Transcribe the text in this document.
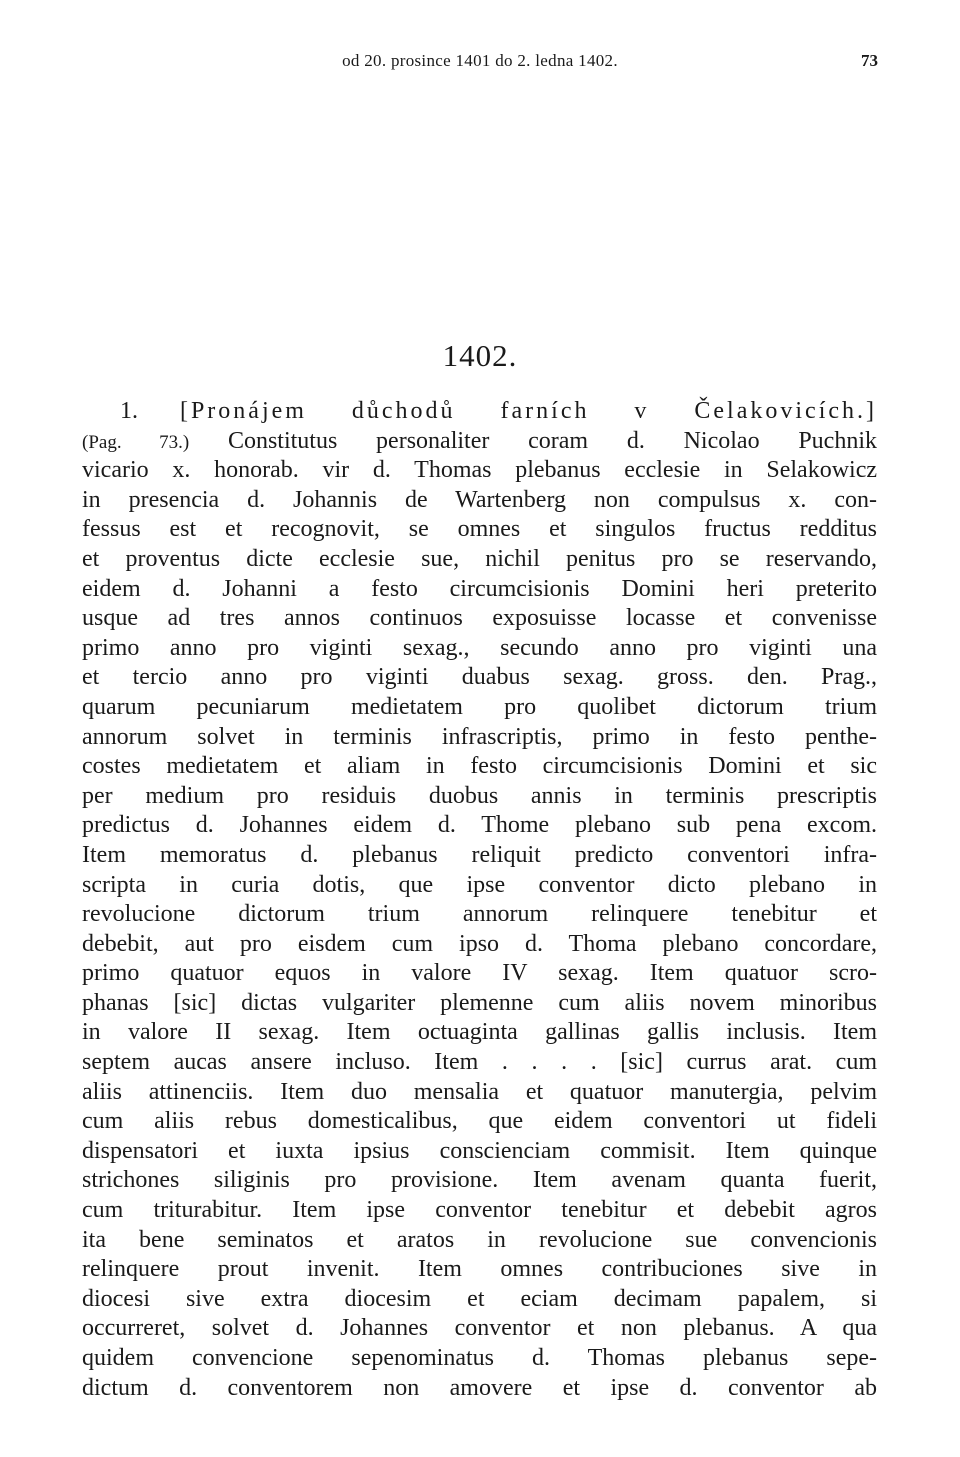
od 20. prosince 1401 do 2. ledna 1402.	73
1402.
1. [Pronájem důchodů farních v Čelakovicích.]
(Pag. 73.) Constitutus personaliter coram d. Nicolao Puchnik
vicario x. honorab. vir d. Thomas plebanus ecclesie in Selakowicz
in presencia d. Johannis de Wartenberg non compulsus x. con-
fessus est et recognovit, se omnes et singulos fructus redditus
et proventus dicte ecclesie sue, nichil penitus pro se reservando,
eidem d. Johanni a festo circumcisionis Domini heri preterito
usque ad tres annos continuos exposuisse locasse et convenisse
primo anno pro viginti sexag., secundo anno pro viginti una
et tercio anno pro viginti duabus sexag. gross. den. Prag.,
quarum pecuniarum medietatem pro quolibet dictorum trium
annorum solvet in terminis infrascriptis, primo in festo penthe-
costes medietatem et aliam in festo circumcisionis Domini et sic
per medium pro residuis duobus annis in terminis prescriptis
predictus d. Johannes eidem d. Thome plebano sub pena excom.
Item memoratus d. plebanus reliquit predicto conventori infra-
scripta in curia dotis, que ipse conventor dicto plebano in
revolucione dictorum trium annorum relinquere tenebitur et
debebit, aut pro eisdem cum ipso d. Thoma plebano concordare,
primo quatuor equos in valore IV sexag. Item quatuor scro-
phanas [sic] dictas vulgariter plemenne cum aliis novem minoribus
in valore II sexag. Item octuaginta gallinas gallis inclusis. Item
septem aucas ansere incluso. Item . . . . [sic] currus arat. cum
aliis attinenciis. Item duo mensalia et quatuor manutergia, pelvim
cum aliis rebus domesticalibus, que eidem conventori ut fideli
dispensatori et iuxta ipsius conscienciam commisit. Item quinque
strichones siliginis pro provisione. Item avenam quanta fuerit,
cum triturabitur. Item ipse conventor tenebitur et debebit agros
ita bene seminatos et aratos in revolucione sue convencionis
relinquere prout invenit. Item omnes contribuciones sive in
diocesi sive extra diocesim et eciam decimam papalem, si
occurreret, solvet d. Johannes conventor et non plebanus. A qua
quidem convencione sepenominatus d. Thomas plebanus sepe-
dictum d. conventorem non amovere et ipse d. conventor ab
